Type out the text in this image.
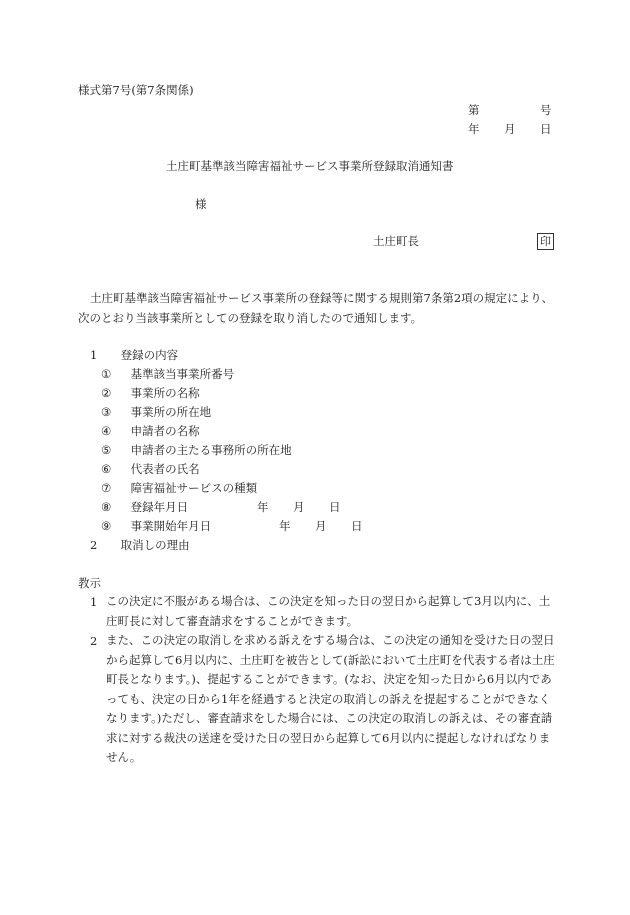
様式第7号(第7条関係)
第	号
年 月 日
土庄町基準該当障害福祉サービス事業所登録取消通知書
様
土庄町長	印
土庄町基準該当障害福祉サービス事業所の登録等に関する規則第7条第2項の規定により、
次のとおり当該事業所としての登録を取り消したので通知します。
1 登録の内容
① 基準該当事業所番号
② 事業所の名称
③ 事業所の所在地
④ 申請者の名称
⑤ 申請者の主たる事務所の所在地
⑥ 代表者の氏名
⑦ 障害福祉サービスの種類
⑧ 登録年月日	年 月 日
⑨ 事業開始年月日	年 月 日
2 取消しの理由
教示
1 この決定に不服がある場合は、この決定を知った日の翌日から起算して3月以内に、土庄町長に対して審査請求をすることができます。
2 また、この決定の取消しを求める訴えをする場合は、この決定の通知を受けた日の翌日から起算して6月以内に、土庄町を被告として(訴訟において土庄町を代表する者は土庄町長となります。)、提起することができます。(なお、決定を知った日から6月以内であっても、決定の日から1年を経過すると決定の取消しの訴えを提起することができなくなります。)ただし、審査請求をした場合には、この決定の取消しの訴えは、その審査請求に対する裁決の送達を受けた日の翌日から起算して6月以内に提起しなければなりません。
